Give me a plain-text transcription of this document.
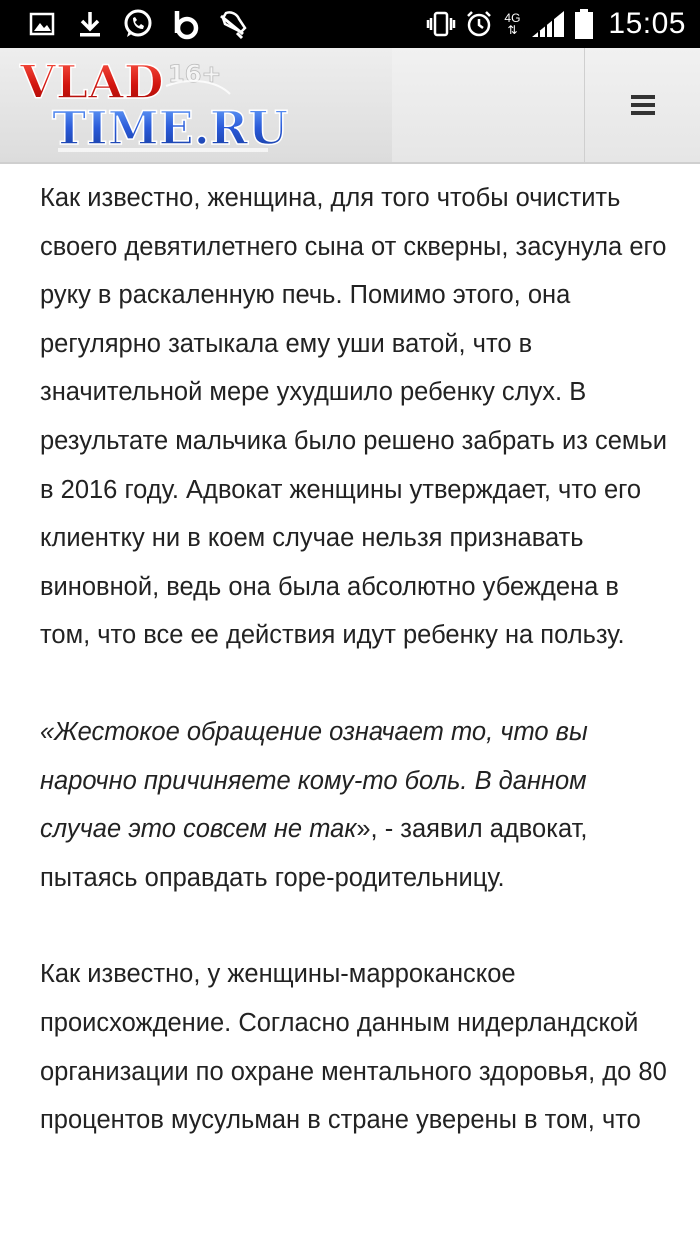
4G
⇅	15:05
VLAD 16+
TIME.RU

Как известно, женщина, для того чтобы очистить своего девятилетнего сына от скверны, засунула его руку в раскаленную печь. Помимо этого, она регулярно затыкала ему уши ватой, что в значительной мере ухудшило ребенку слух. В результате мальчика было решено забрать из семьи в 2016 году. Адвокат женщины утверждает, что его клиентку ни в коем случае нельзя признавать виновной, ведь она была абсолютно убеждена в том, что все ее действия идут ребенку на пользу.

«Жестокое обращение означает то, что вы нарочно причиняете кому-то боль. В данном случае это совсем не так», - заявил адвокат, пытаясь оправдать горе-родительницу.

Как известно, у женщины-марроканское происхождение. Согласно данным нидерландской организации по охране ментального здоровья, до 80 процентов мусульман в стране уверены в том, что
